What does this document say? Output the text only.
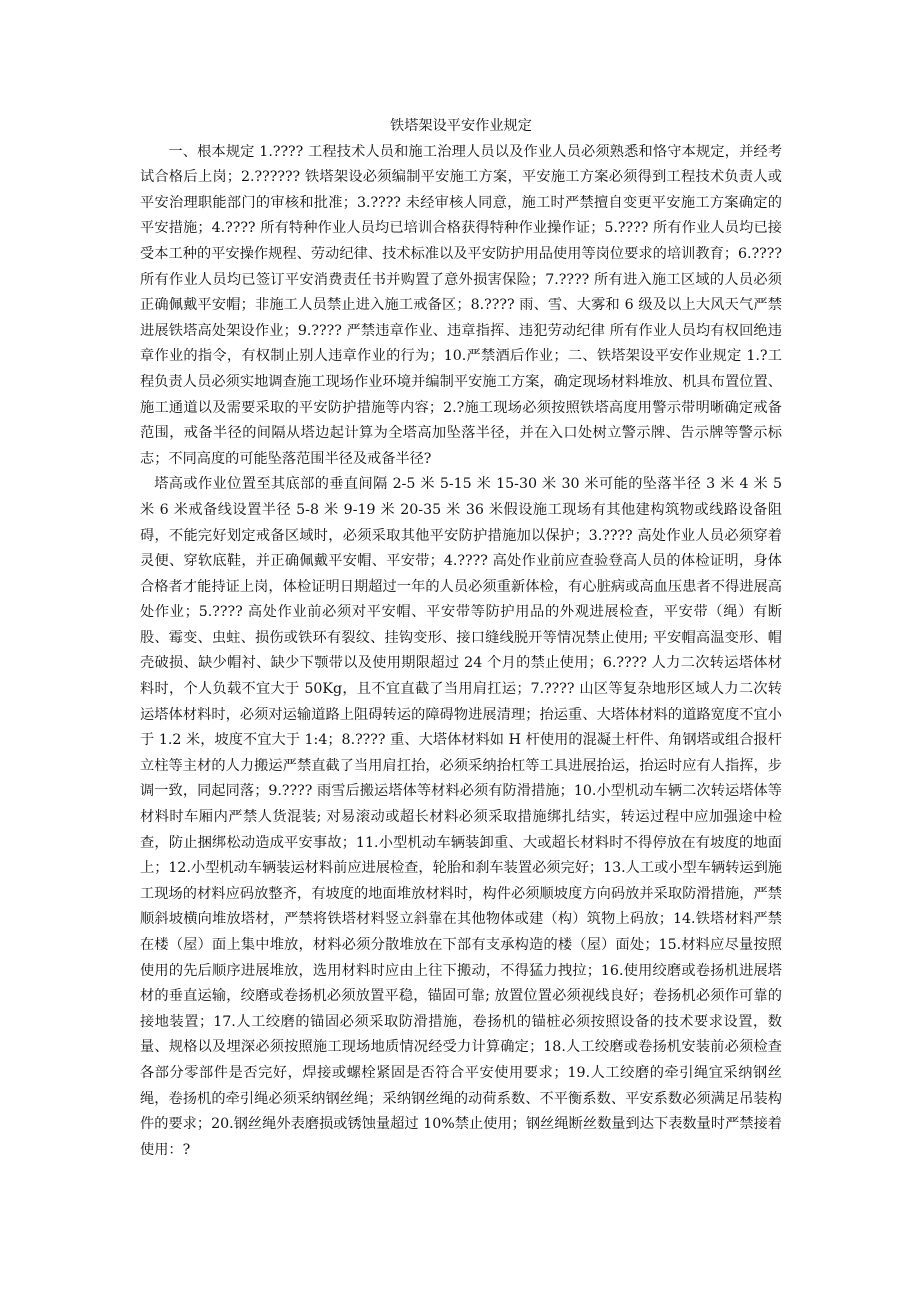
铁塔架设平安作业规定

一、根本规定 1.???? 工程技术人员和施工治理人员以及作业人员必须熟悉和恪守本规定，并经考试合格后上岗；2.?????? 铁塔架设必须编制平安施工方案，平安施工方案必须得到工程技术负责人或平安治理职能部门的审核和批准；3.???? 未经审核人同意，施工时严禁擅自变更平安施工方案确定的平安措施；4.???? 所有特种作业人员均已培训合格获得特种作业操作证；5.???? 所有作业人员均已接受本工种的平安操作规程、劳动纪律、技术标准以及平安防护用品使用等岗位要求的培训教育；6.???? 所有作业人员均已签订平安消费责任书并购置了意外损害保险；7.???? 所有进入施工区域的人员必须正确佩戴平安帽；非施工人员禁止进入施工戒备区；8.???? 雨、雪、大雾和 6 级及以上大风天气严禁进展铁塔高处架设作业；9.???? 严禁违章作业、违章指挥、违犯劳动纪律 所有作业人员均有权回绝违章作业的指令，有权制止别人违章作业的行为；10.严禁酒后作业；二、铁塔架设平安作业规定 1.?工程负责人员必须实地调查施工现场作业环境并编制平安施工方案，确定现场材料堆放、机具布置位置、施工通道以及需要采取的平安防护措施等内容；2.?施工现场必须按照铁塔高度用警示带明晰确定戒备范围，戒备半径的间隔从塔边起计算为全塔高加坠落半径，并在入口处树立警示牌、告示牌等警示标志；不同高度的可能坠落范围半径及戒备半径?

塔高或作业位置至其底部的垂直间隔 2-5 米 5-15 米 15-30 米 30 米可能的坠落半径 3 米 4 米 5 米 6 米戒备线设置半径 5-8 米 9-19 米 20-35 米 36 米假设施工现场有其他建构筑物或线路设备阻碍，不能完好划定戒备区域时，必须采取其他平安防护措施加以保护；3.???? 高处作业人员必须穿着灵便、穿软底鞋，并正确佩戴平安帽、平安带；4.???? 高处作业前应查验登高人员的体检证明，身体合格者才能持证上岗，体检证明日期超过一年的人员必须重新体检，有心脏病或高血压患者不得进展高处作业；5.???? 高处作业前必须对平安帽、平安带等防护用品的外观进展检查，平安带（绳）有断股、霉变、虫蛀、损伤或铁环有裂纹、挂钩变形、接口缝线脱开等情况禁止使用; 平安帽高温变形、帽壳破损、缺少帽衬、缺少下颚带以及使用期限超过 24 个月的禁止使用；6.???? 人力二次转运塔体材料时，个人负载不宜大于 50Kg，且不宜直截了当用肩扛运；7.???? 山区等复杂地形区域人力二次转运塔体材料时，必须对运输道路上阻碍转运的障碍物进展清理；抬运重、大塔体材料的道路宽度不宜小于 1.2 米，坡度不宜大于 1:4；8.???? 重、大塔体材料如 H 杆使用的混凝土杆件、角钢塔或组合报杆立柱等主材的人力搬运严禁直截了当用肩扛抬，必须采纳抬杠等工具进展抬运，抬运时应有人指挥，步调一致，同起同落；9.???? 雨雪后搬运塔体等材料必须有防滑措施；10.小型机动车辆二次转运塔体等材料时车厢内严禁人货混装; 对易滚动或超长材料必须采取措施绑扎结实，转运过程中应加强途中检查，防止捆绑松动造成平安事故；11.小型机动车辆装卸重、大或超长材料时不得停放在有坡度的地面上；12.小型机动车辆装运材料前应进展检查，轮胎和刹车装置必须完好；13.人工或小型车辆转运到施工现场的材料应码放整齐，有坡度的地面堆放材料时，构件必须顺坡度方向码放并采取防滑措施，严禁顺斜坡横向堆放塔材，严禁将铁塔材料竖立斜靠在其他物体或建（构）筑物上码放；14.铁塔材料严禁在楼（屋）面上集中堆放，材料必须分散堆放在下部有支承构造的楼（屋）面处；15.材料应尽量按照使用的先后顺序进展堆放，选用材料时应由上往下搬动，不得猛力拽拉；16.使用绞磨或卷扬机进展塔材的垂直运输，绞磨或卷扬机必须放置平稳，锚固可靠; 放置位置必须视线良好；卷扬机必须作可靠的接地装置；17.人工绞磨的锚固必须采取防滑措施，卷扬机的锚桩必须按照设备的技术要求设置，数量、规格以及埋深必须按照施工现场地质情况经受力计算确定；18.人工绞磨或卷扬机安装前必须检查各部分零部件是否完好，焊接或螺栓紧固是否符合平安使用要求；19.人工绞磨的牵引绳宜采纳钢丝绳，卷扬机的牵引绳必须采纳钢丝绳；采纳钢丝绳的动荷系数、不平衡系数、平安系数必须满足吊装构件的要求；20.钢丝绳外表磨损或锈蚀量超过 10%禁止使用；钢丝绳断丝数量到达下表数量时严禁接着使用：?
